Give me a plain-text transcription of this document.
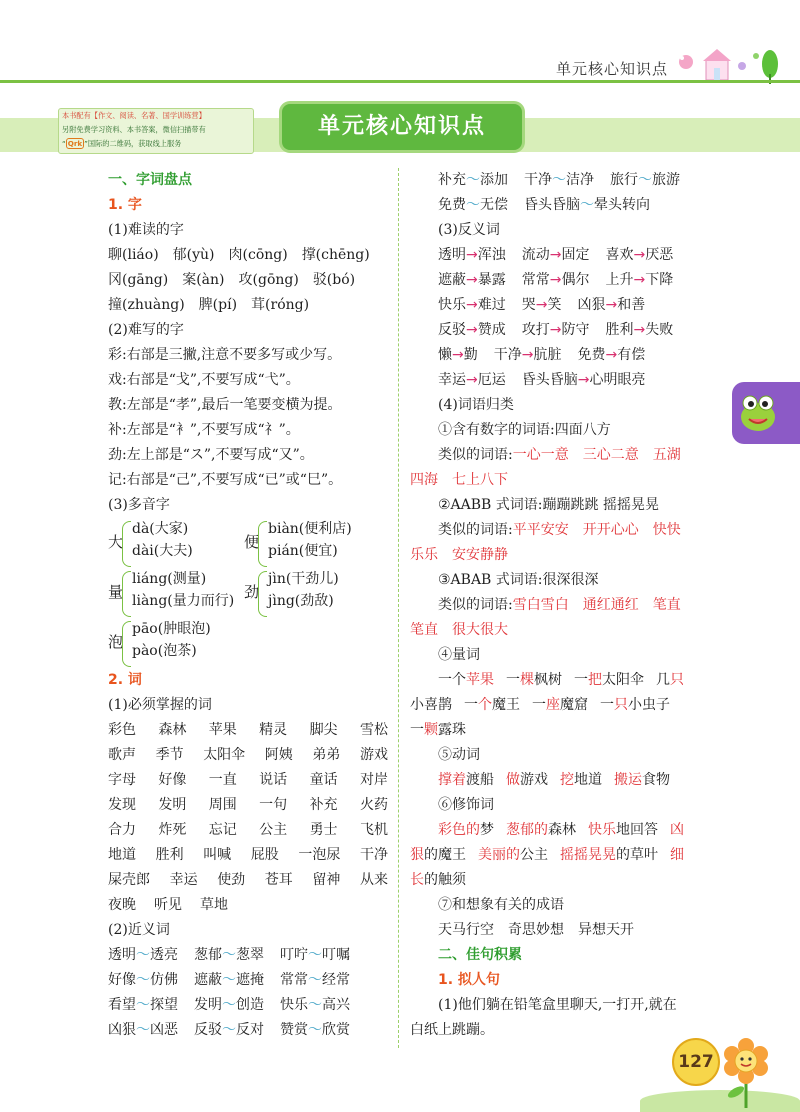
单元核心知识点
本书配有【作文、阅读、名著、国学训练营】
另附免费学习资料、本书答案，微信扫描带有
“ Qrk ”国际的二维码，获取线上服务
单元核心知识点
一、字词盘点
1. 字
(1)难读的字
聊(liáo) 郁(yù) 肉(cōng) 撑(chēng)
冈(gāng) 案(àn) 攻(gōng) 驳(bó)
撞(zhuàng) 脾(pí) 茸(róng)
(2)难写的字
彩:右部是三撇,注意不要多写或少写。
戏:右部是“戈”,不要写成“弋”。
教:左部是“孝”,最后一笔要变横为提。
补:左部是“衤”,不要写成“礻”。
劲:左上部是“ス”,不要写成“又”。
记:右部是“己”,不要写成“已”或“巳”。
(3)多音字
大
dà(大家)
dài(大夫)	便
biàn(便利店)
pián(便宜)
量
liáng(测量)
liàng(量力而行) 劲
jìn(干劲儿)
jìng(劲敌)
泡
pāo(肿眼泡)
pào(泡茶)
2. 词
(1)必须掌握的词
彩色 森林 苹果 精灵 脚尖 雪松
歌声 季节 太阳伞 阿姨 弟弟 游戏
字母 好像 一直 说话 童话 对岸
发现 发明 周围 一句 补充 火药
合力 炸死 忘记 公主 勇士 飞机
地道 胜利 叫喊 屁股 一泡尿 干净
屎壳郎 幸运 使劲 苍耳 留神 从来
夜晚 听见 草地
(2)近义词
透明～透亮 葱郁～葱翠 叮咛～叮嘱
好像～仿佛 遮蔽～遮掩 常常～经常
看望～探望 发明～创造 快乐～高兴
凶狠～凶恶 反驳～反对 赞赏～欣赏
补充～添加 干净～洁净 旅行～旅游
免费～无偿 昏头昏脑～晕头转向
(3)反义词
透明→浑浊 流动→固定 喜欢→厌恶
遮蔽→暴露 常常→偶尔 上升→下降
快乐→难过 哭→笑 凶狠→和善
反驳→赞成 攻打→防守 胜利→失败
懒→勤 干净→肮脏 免费→有偿
幸运→厄运 昏头昏脑→心明眼亮
(4)词语归类
①含有数字的词语:四面八方
类似的词语:一心一意 三心二意 五湖
四海 七上八下
②AABB 式词语:蹦蹦跳跳 摇摇晃晃
类似的词语:平平安安 开开心心 快快
乐乐 安安静静
③ABAB 式词语:很深很深
类似的词语:雪白雪白 通红通红 笔直
笔直 很大很大
④量词
一个苹果 一棵枫树 一把太阳伞 几只
小喜鹊 一个魔王 一座魔窟 一只小虫子
一颗露珠
⑤动词
撑着渡船 做游戏 挖地道 搬运食物
⑥修饰词
彩色的梦 葱郁的森林 快乐地回答 凶
狠的魔王 美丽的公主 摇摇晃晃的草叶 细
长的触须
⑦和想象有关的成语
天马行空 奇思妙想 异想天开
二、佳句积累
1. 拟人句
(1)他们躺在铅笔盒里聊天,一打开,就在
白纸上跳蹦。
127
